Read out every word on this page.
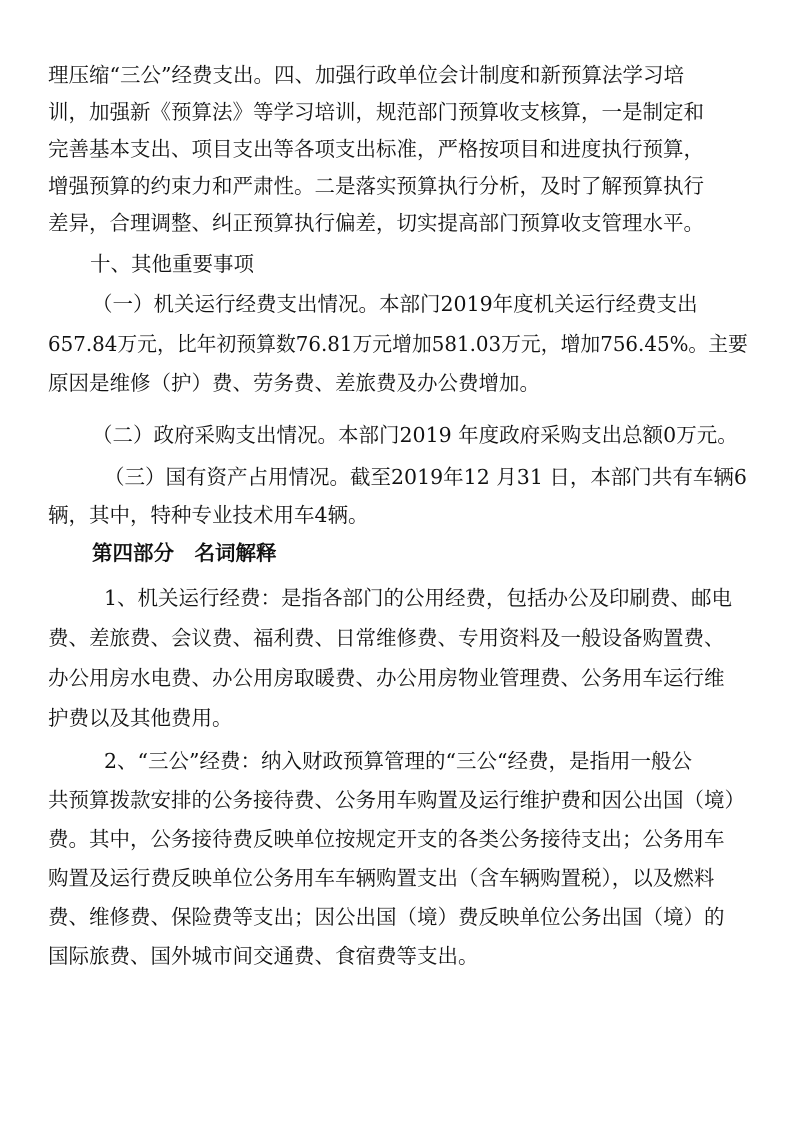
理压缩“三公”经费支出。四、加强行政单位会计制度和新预算法学习培
训，加强新《预算法》等学习培训，规范部门预算收支核算，一是制定和
完善基本支出、项目支出等各项支出标准，严格按项目和进度执行预算，
增强预算的约束力和严肃性。二是落实预算执行分析，及时了解预算执行
差异，合理调整、纠正预算执行偏差，切实提高部门预算收支管理水平。
十、其他重要事项
（一）机关运行经费支出情况。本部门2019年度机关运行经费支出
657.84万元，比年初预算数76.81万元增加581.03万元，增加756.45%。主要
原因是维修（护）费、劳务费、差旅费及办公费增加。
（二）政府采购支出情况。本部门2019 年度政府采购支出总额0万元。
（三）国有资产占用情况。截至2019年12 月31 日，本部门共有车辆6
辆，其中，特种专业技术用车4辆。
第四部分　名词解释
1、机关运行经费：是指各部门的公用经费，包括办公及印刷费、邮电
费、差旅费、会议费、福利费、日常维修费、专用资料及一般设备购置费、
办公用房水电费、办公用房取暖费、办公用房物业管理费、公务用车运行维
护费以及其他费用。
2、“三公”经费：纳入财政预算管理的“三公“经费，是指用一般公
共预算拨款安排的公务接待费、公务用车购置及运行维护费和因公出国（境）
费。其中，公务接待费反映单位按规定开支的各类公务接待支出；公务用车
购置及运行费反映单位公务用车车辆购置支出（含车辆购置税），以及燃料
费、维修费、保险费等支出；因公出国（境）费反映单位公务出国（境）的
国际旅费、国外城市间交通费、食宿费等支出。
